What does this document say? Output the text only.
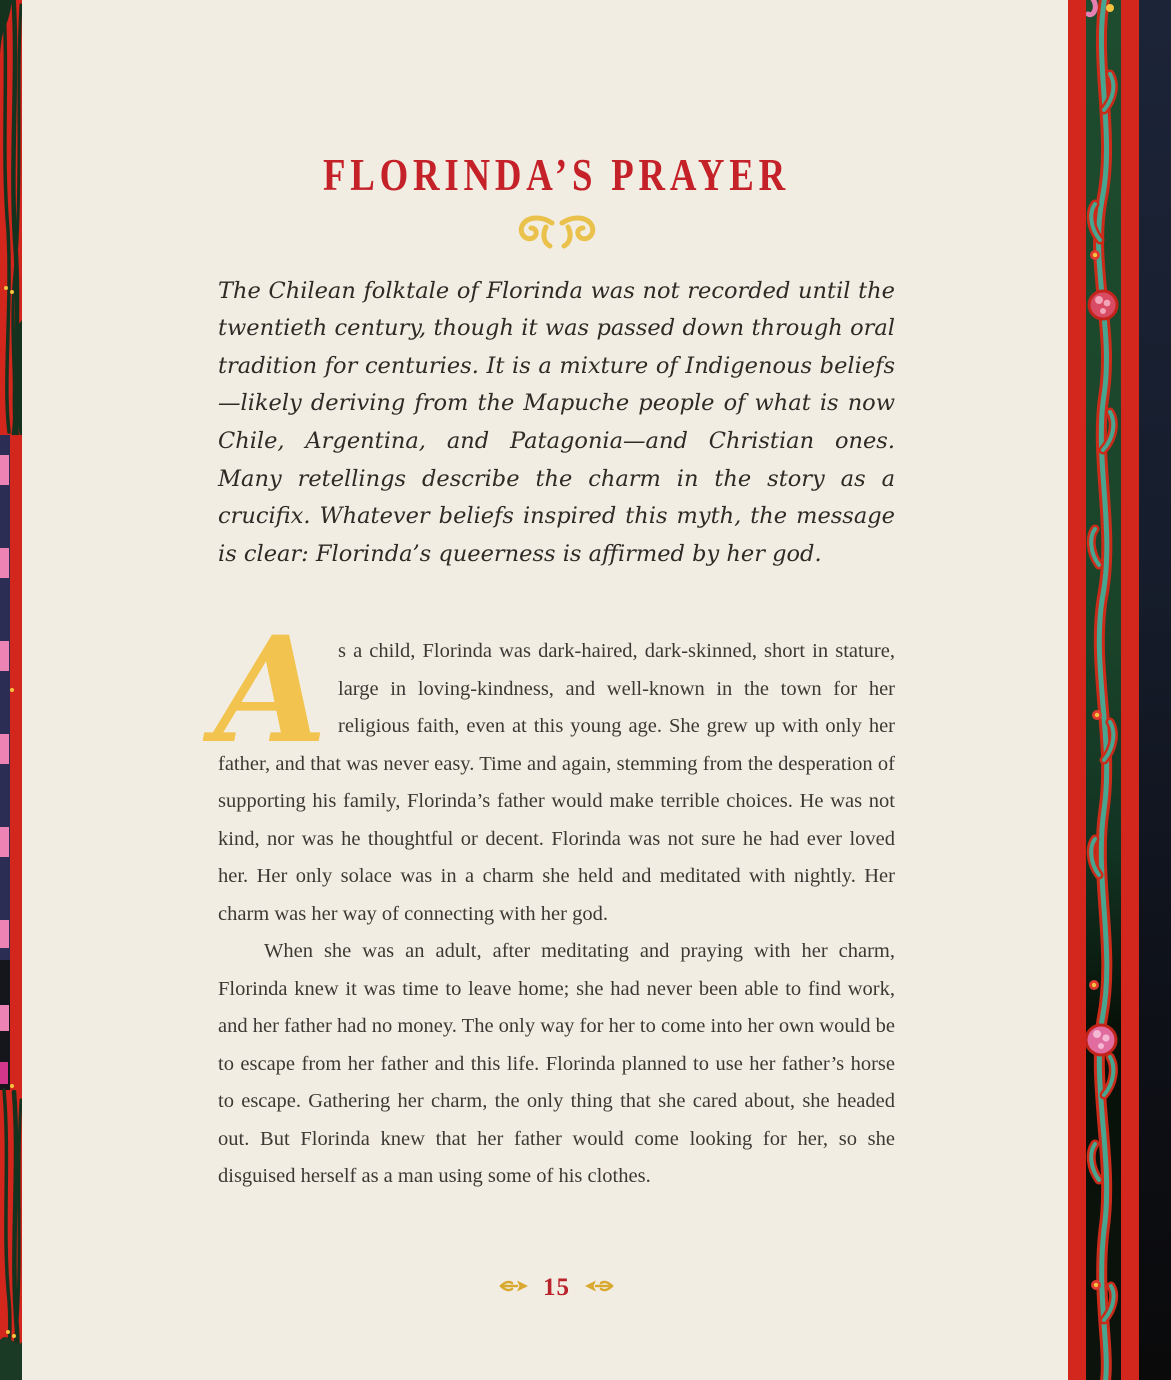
FLORINDA’S PRAYER

The Chilean folktale of Florinda was not recorded until the twentieth century, though it was passed down through oral tradition for centuries. It is a mixture of Indigenous beliefs—likely deriving from the Mapuche people of what is now Chile, Argentina, and Patagonia—and Christian ones. Many retellings describe the charm in the story as a crucifix. Whatever beliefs inspired this myth, the message is clear: Florinda’s queerness is affirmed by her god.

As a child, Florinda was dark-haired, dark-skinned, short in stature, large in loving-kindness, and well-known in the town for her religious faith, even at this young age. She grew up with only her father, and that was never easy. Time and again, stemming from the desperation of supporting his family, Florinda’s father would make terrible choices. He was not kind, nor was he thoughtful or decent. Florinda was not sure he had ever loved her. Her only solace was in a charm she held and meditated with nightly. Her charm was her way of connecting with her god.

When she was an adult, after meditating and praying with her charm, Florinda knew it was time to leave home; she had never been able to find work, and her father had no money. The only way for her to come into her own would be to escape from her father and this life. Florinda planned to use her father’s horse to escape. Gathering her charm, the only thing that she cared about, she headed out. But Florinda knew that her father would come looking for her, so she disguised herself as a man using some of his clothes.

15
